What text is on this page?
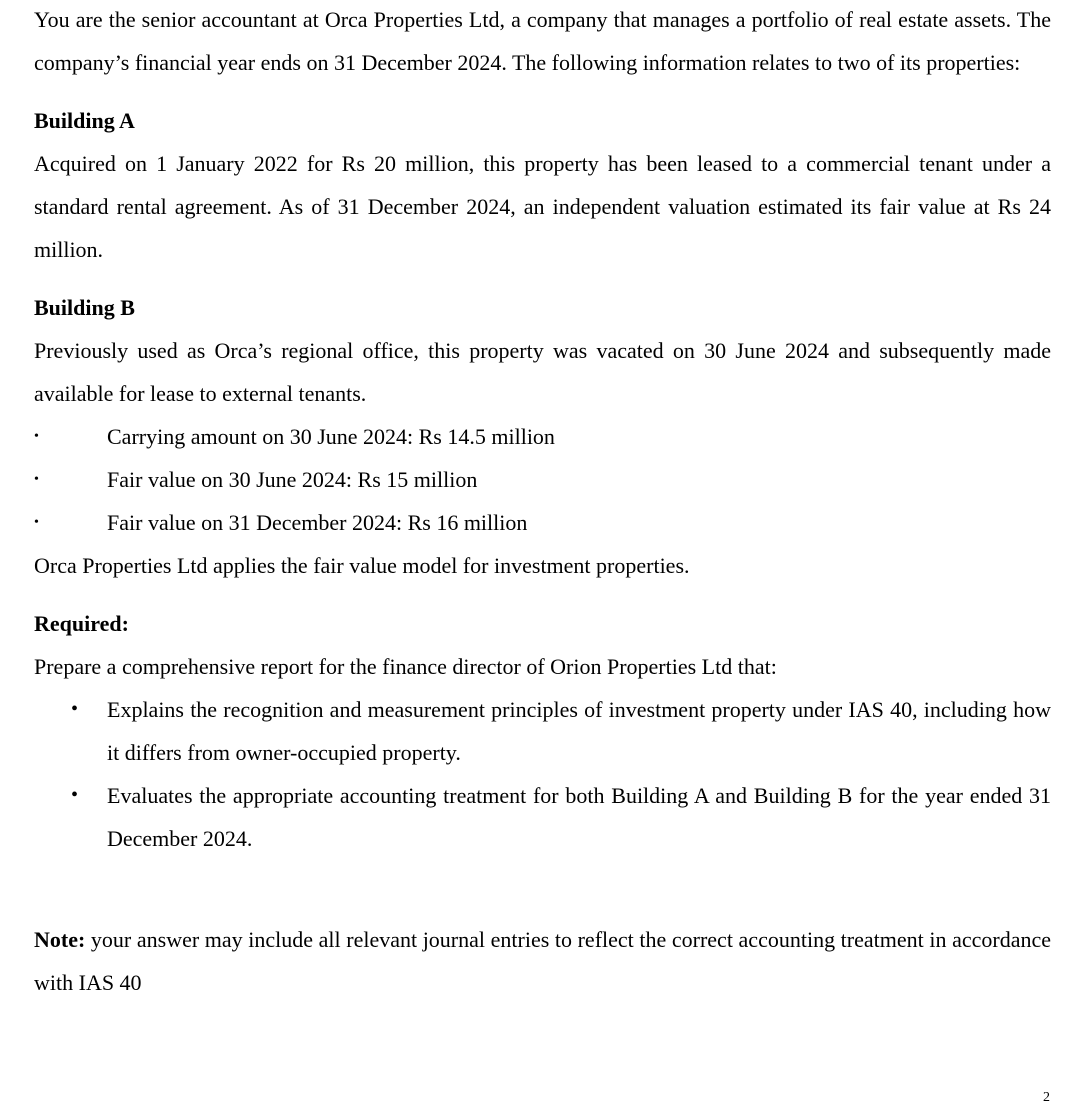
You are the senior accountant at Orca Properties Ltd, a company that manages a portfolio of real estate assets. The company’s financial year ends on 31 December 2024. The following information relates to two of its properties:

Building A

Acquired on 1 January 2022 for Rs 20 million, this property has been leased to a commercial tenant under a standard rental agreement. As of 31 December 2024, an independent valuation estimated its fair value at Rs 24 million.

Building B

Previously used as Orca’s regional office, this property was vacated on 30 June 2024 and subsequently made available for lease to external tenants.

•	Carrying amount on 30 June 2024: Rs 14.5 million
•	Fair value on 30 June 2024: Rs 15 million
•	Fair value on 31 December 2024: Rs 16 million

Orca Properties Ltd applies the fair value model for investment properties.

Required:

Prepare a comprehensive report for the finance director of Orion Properties Ltd that:

• Explains the recognition and measurement principles of investment property under IAS 40, including how it differs from owner-occupied property.
• Evaluates the appropriate accounting treatment for both Building A and Building B for the year ended 31 December 2024.

Note: your answer may include all relevant journal entries to reflect the correct accounting treatment in accordance with IAS 40

2
